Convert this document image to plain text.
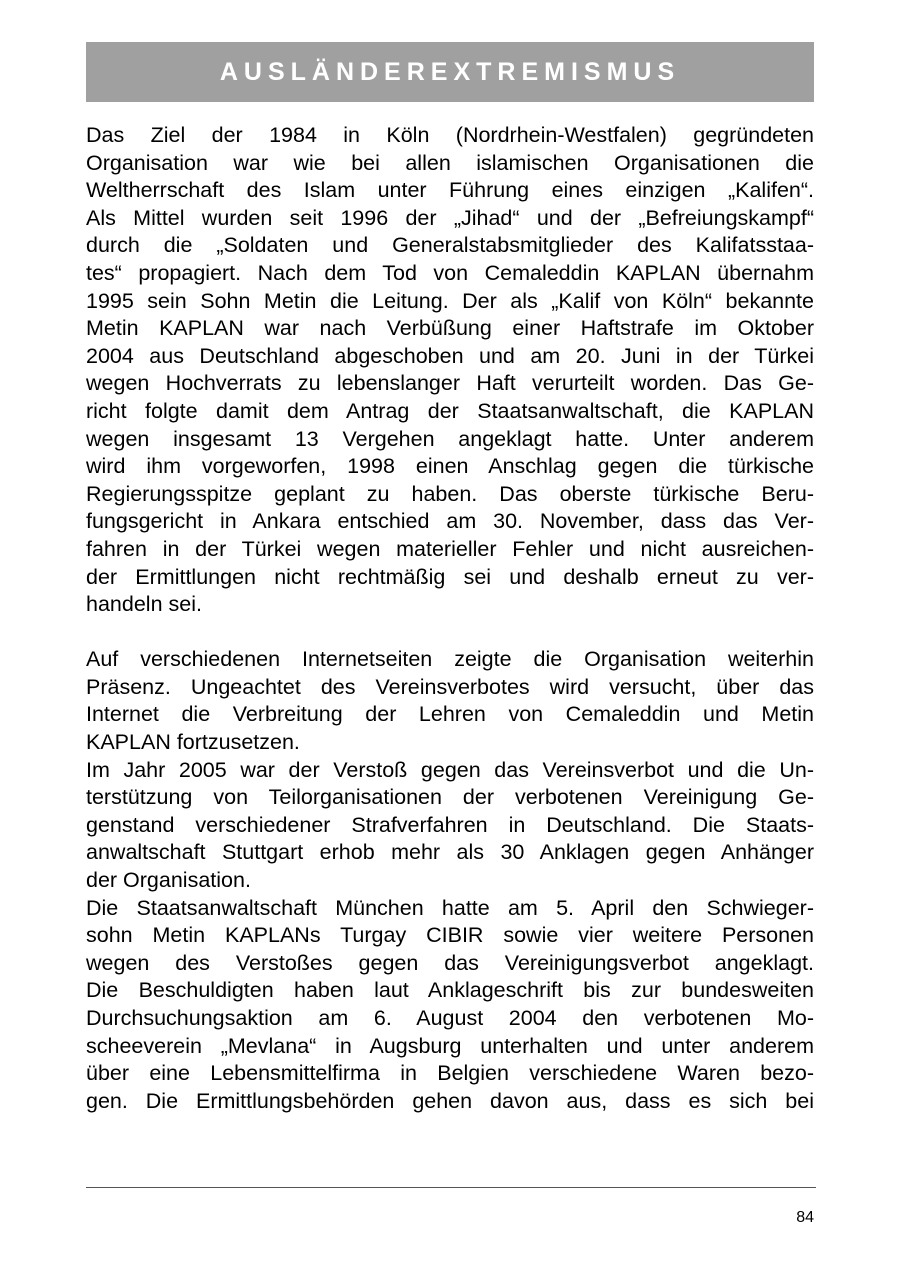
AUSLÄNDEREXTREMISMUS
Das Ziel der 1984 in Köln (Nordrhein-Westfalen) gegründeten
Organisation war wie bei allen islamischen Organisationen die
Weltherrschaft des Islam unter Führung eines einzigen „Kalifen“.
Als Mittel wurden seit 1996 der „Jihad“ und der „Befreiungskampf“
durch die „Soldaten und Generalstabsmitglieder des Kalifatsstaa-
tes“ propagiert. Nach dem Tod von Cemaleddin KAPLAN übernahm
1995 sein Sohn Metin die Leitung. Der als „Kalif von Köln“ bekannte
Metin KAPLAN war nach Verbüßung einer Haftstrafe im Oktober
2004 aus Deutschland abgeschoben und am 20. Juni in der Türkei
wegen Hochverrats zu lebenslanger Haft verurteilt worden. Das Ge-
richt folgte damit dem Antrag der Staatsanwaltschaft, die KAPLAN
wegen insgesamt 13 Vergehen angeklagt hatte. Unter anderem
wird ihm vorgeworfen, 1998 einen Anschlag gegen die türkische
Regierungsspitze geplant zu haben. Das oberste türkische Beru-
fungsgericht in Ankara entschied am 30. November, dass das Ver-
fahren in der Türkei wegen materieller Fehler und nicht ausreichen-
der Ermittlungen nicht rechtmäßig sei und deshalb erneut zu ver-
handeln sei.
Auf verschiedenen Internetseiten zeigte die Organisation weiterhin
Präsenz. Ungeachtet des Vereinsverbotes wird versucht, über das
Internet die Verbreitung der Lehren von Cemaleddin und Metin
KAPLAN fortzusetzen.
Im Jahr 2005 war der Verstoß gegen das Vereinsverbot und die Un-
terstützung von Teilorganisationen der verbotenen Vereinigung Ge-
genstand verschiedener Strafverfahren in Deutschland. Die Staats-
anwaltschaft Stuttgart erhob mehr als 30 Anklagen gegen Anhänger
der Organisation.
Die Staatsanwaltschaft München hatte am 5. April den Schwieger-
sohn Metin KAPLANs Turgay CIBIR sowie vier weitere Personen
wegen des Verstoßes gegen das Vereinigungsverbot angeklagt.
Die Beschuldigten haben laut Anklageschrift bis zur bundesweiten
Durchsuchungsaktion am 6. August 2004 den verbotenen Mo-
scheeverein „Mevlana“ in Augsburg unterhalten und unter anderem
über eine Lebensmittelfirma in Belgien verschiedene Waren bezo-
gen. Die Ermittlungsbehörden gehen davon aus, dass es sich bei
84
